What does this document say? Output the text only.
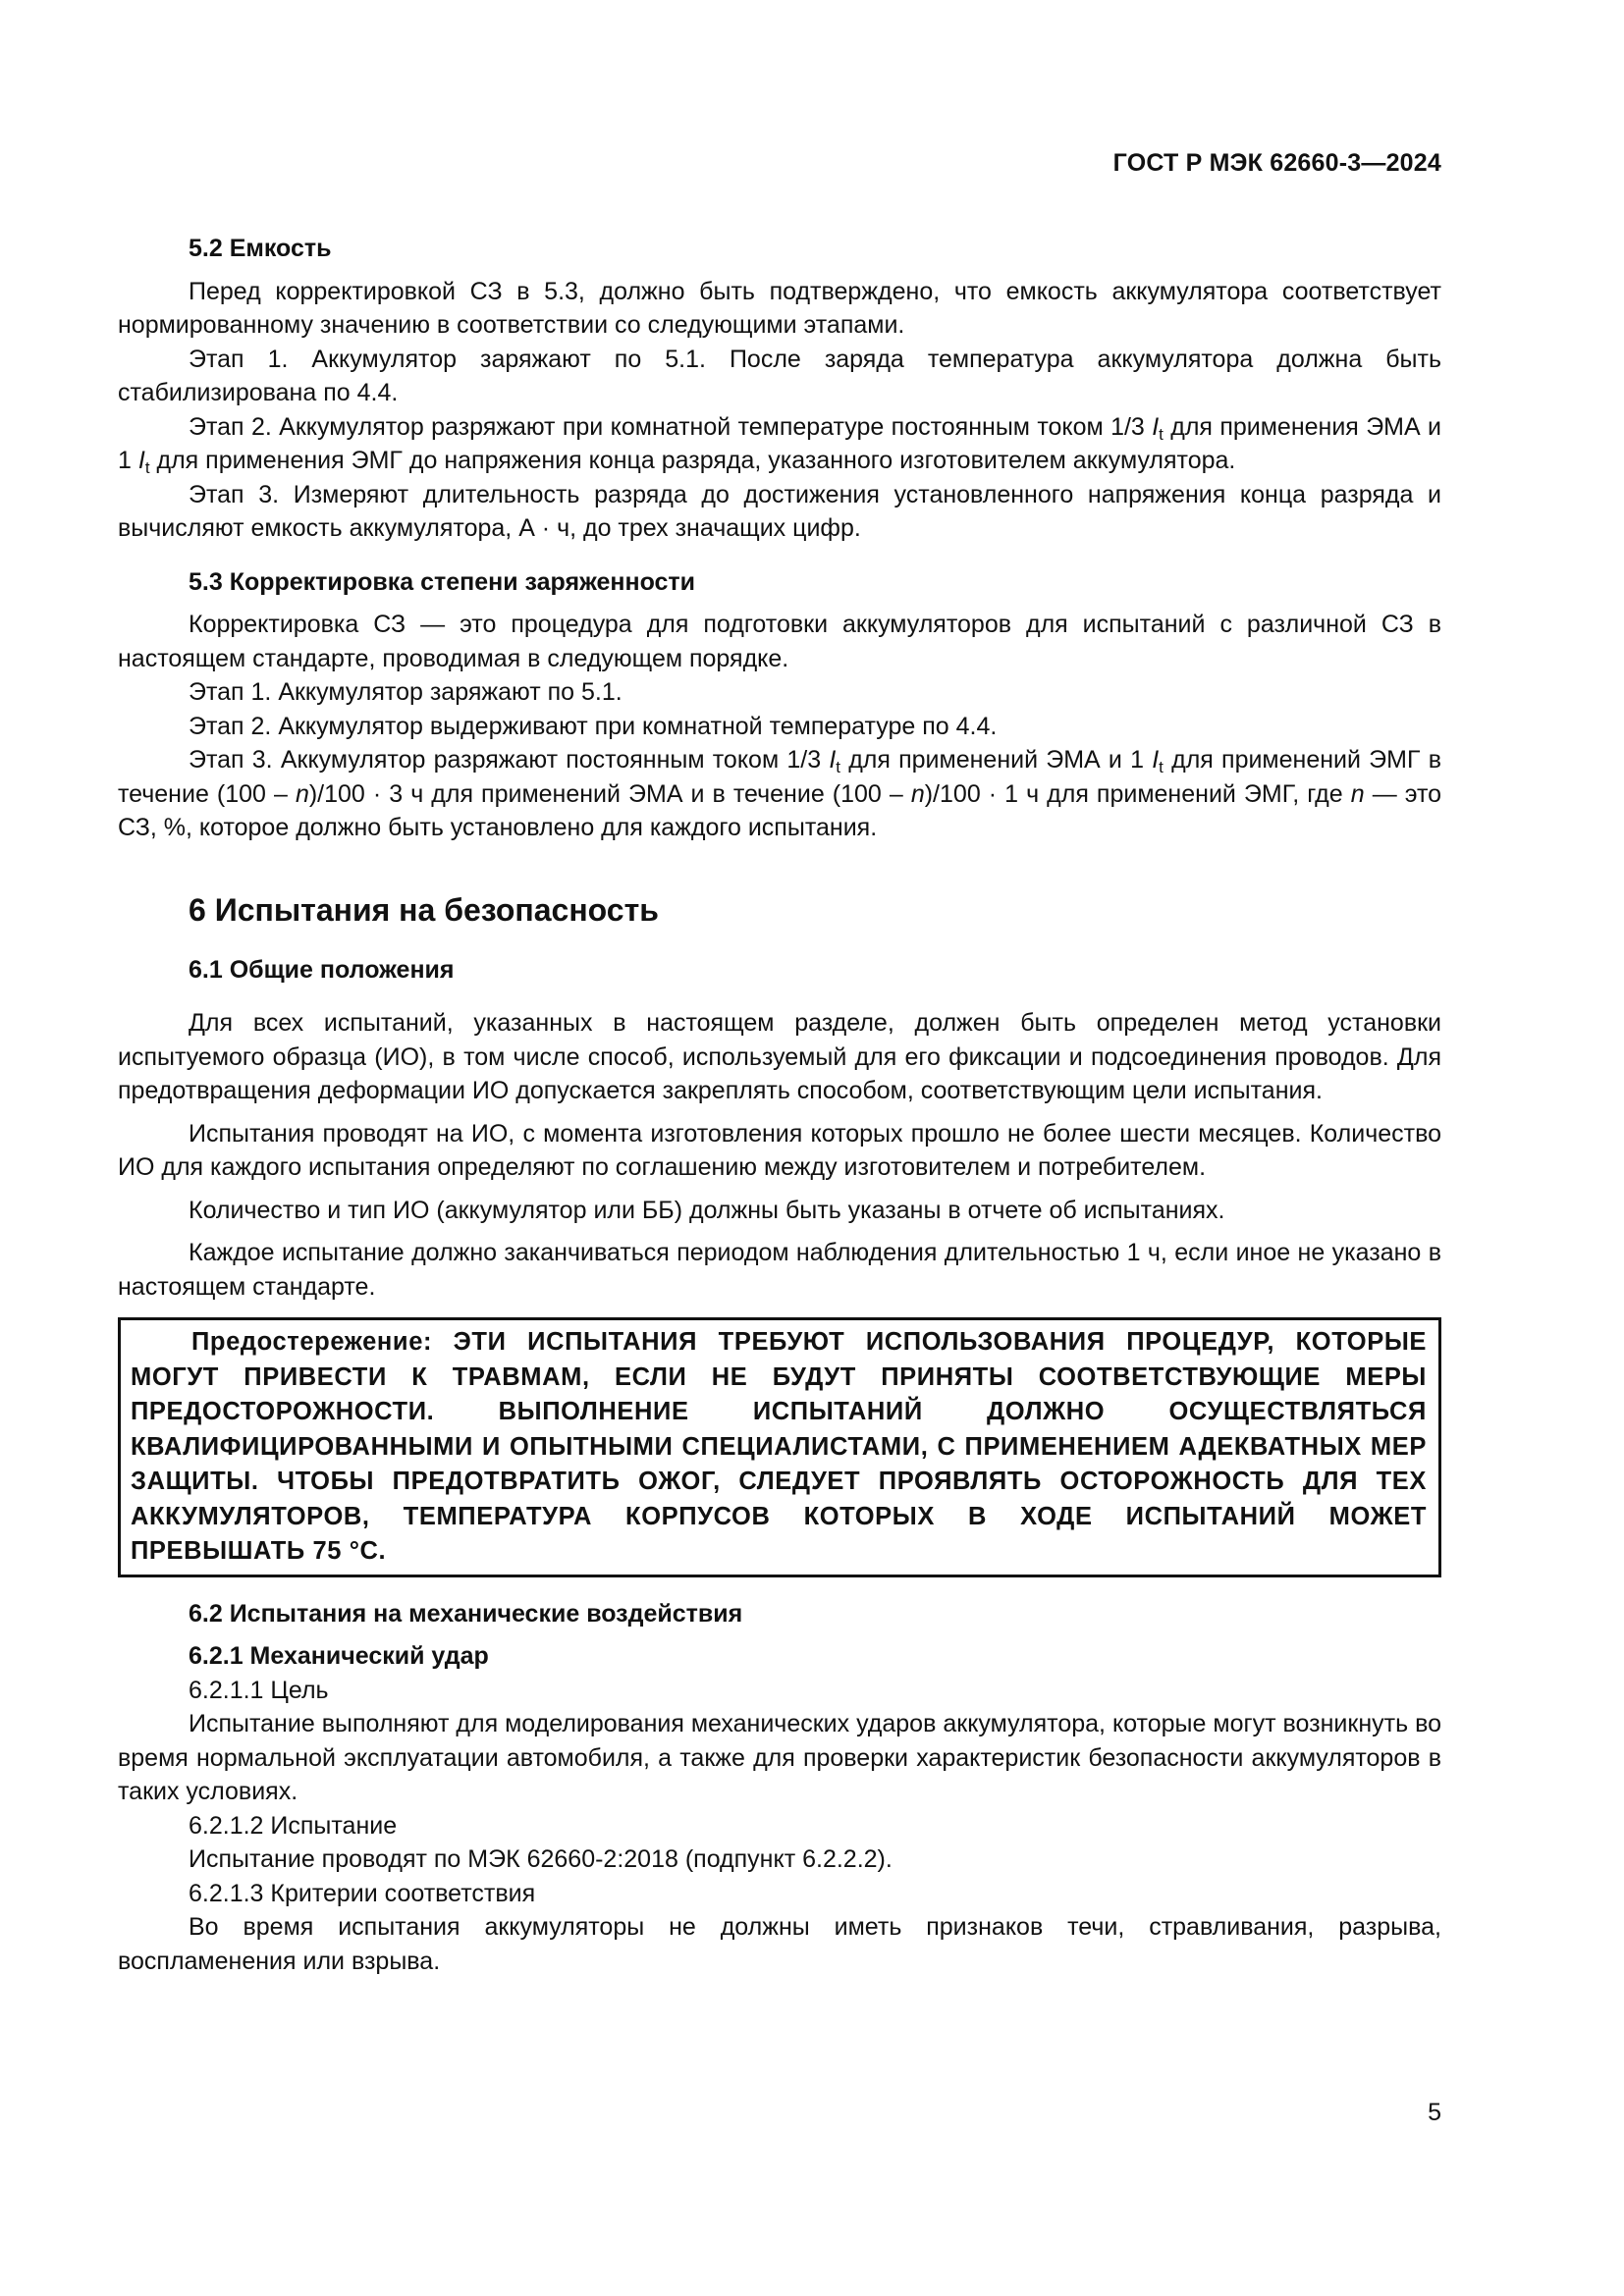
ГОСТ Р МЭК 62660-3—2024

5.2 Емкость

Перед корректировкой СЗ в 5.3, должно быть подтверждено, что емкость аккумулятора соответствует нормированному значению в соответствии со следующими этапами.

Этап 1. Аккумулятор заряжают по 5.1. После заряда температура аккумулятора должна быть стабилизирована по 4.4.

Этап 2. Аккумулятор разряжают при комнатной температуре постоянным током 1/3 $I_t$ для применения ЭМА и 1 $I_t$ для применения ЭМГ до напряжения конца разряда, указанного изготовителем аккумулятора.

Этап 3. Измеряют длительность разряда до достижения установленного напряжения конца разряда и вычисляют емкость аккумулятора, А · ч, до трех значащих цифр.

5.3 Корректировка степени заряженности

Корректировка СЗ — это процедура для подготовки аккумуляторов для испытаний с различной СЗ в настоящем стандарте, проводимая в следующем порядке.

Этап 1. Аккумулятор заряжают по 5.1.

Этап 2. Аккумулятор выдерживают при комнатной температуре по 4.4.

Этап 3. Аккумулятор разряжают постоянным током 1/3 $I_t$ для применений ЭМА и 1 $I_t$ для применений ЭМГ в течение (100 – n)/100 · 3 ч для применений ЭМА и в течение (100 – n)/100 · 1 ч для применений ЭМГ, где n — это СЗ, %, которое должно быть установлено для каждого испытания.

6 Испытания на безопасность

6.1 Общие положения

Для всех испытаний, указанных в настоящем разделе, должен быть определен метод установки испытуемого образца (ИО), в том числе способ, используемый для его фиксации и подсоединения проводов. Для предотвращения деформации ИО допускается закреплять способом, соответствующим цели испытания.

Испытания проводят на ИО, с момента изготовления которых прошло не более шести месяцев. Количество ИО для каждого испытания определяют по соглашению между изготовителем и потребителем.

Количество и тип ИО (аккумулятор или ББ) должны быть указаны в отчете об испытаниях.

Каждое испытание должно заканчиваться периодом наблюдения длительностью 1 ч, если иное не указано в настоящем стандарте.

Предостережение: ЭТИ ИСПЫТАНИЯ ТРЕБУЮТ ИСПОЛЬЗОВАНИЯ ПРОЦЕДУР, КОТОРЫЕ МОГУТ ПРИВЕСТИ К ТРАВМАМ, ЕСЛИ НЕ БУДУТ ПРИНЯТЫ СООТВЕТСТВУЮЩИЕ МЕРЫ ПРЕДОСТОРОЖНОСТИ. ВЫПОЛНЕНИЕ ИСПЫТАНИЙ ДОЛЖНО ОСУЩЕСТВЛЯТЬСЯ КВАЛИФИЦИРОВАННЫМИ И ОПЫТНЫМИ СПЕЦИАЛИСТАМИ, С ПРИМЕНЕНИЕМ АДЕКВАТНЫХ МЕР ЗАЩИТЫ. ЧТОБЫ ПРЕДОТВРАТИТЬ ОЖОГ, СЛЕДУЕТ ПРОЯВЛЯТЬ ОСТОРОЖНОСТЬ ДЛЯ ТЕХ АККУМУЛЯТОРОВ, ТЕМПЕРАТУРА КОРПУСОВ КОТОРЫХ В ХОДЕ ИСПЫТАНИЙ МОЖЕТ ПРЕВЫШАТЬ 75 °С.

6.2 Испытания на механические воздействия

6.2.1 Механический удар

6.2.1.1 Цель

Испытание выполняют для моделирования механических ударов аккумулятора, которые могут возникнуть во время нормальной эксплуатации автомобиля, а также для проверки характеристик безопасности аккумуляторов в таких условиях.

6.2.1.2 Испытание

Испытание проводят по МЭК 62660-2:2018 (подпункт 6.2.2.2).

6.2.1.3 Критерии соответствия

Во время испытания аккумуляторы не должны иметь признаков течи, стравливания, разрыва, воспламенения или взрыва.

5
